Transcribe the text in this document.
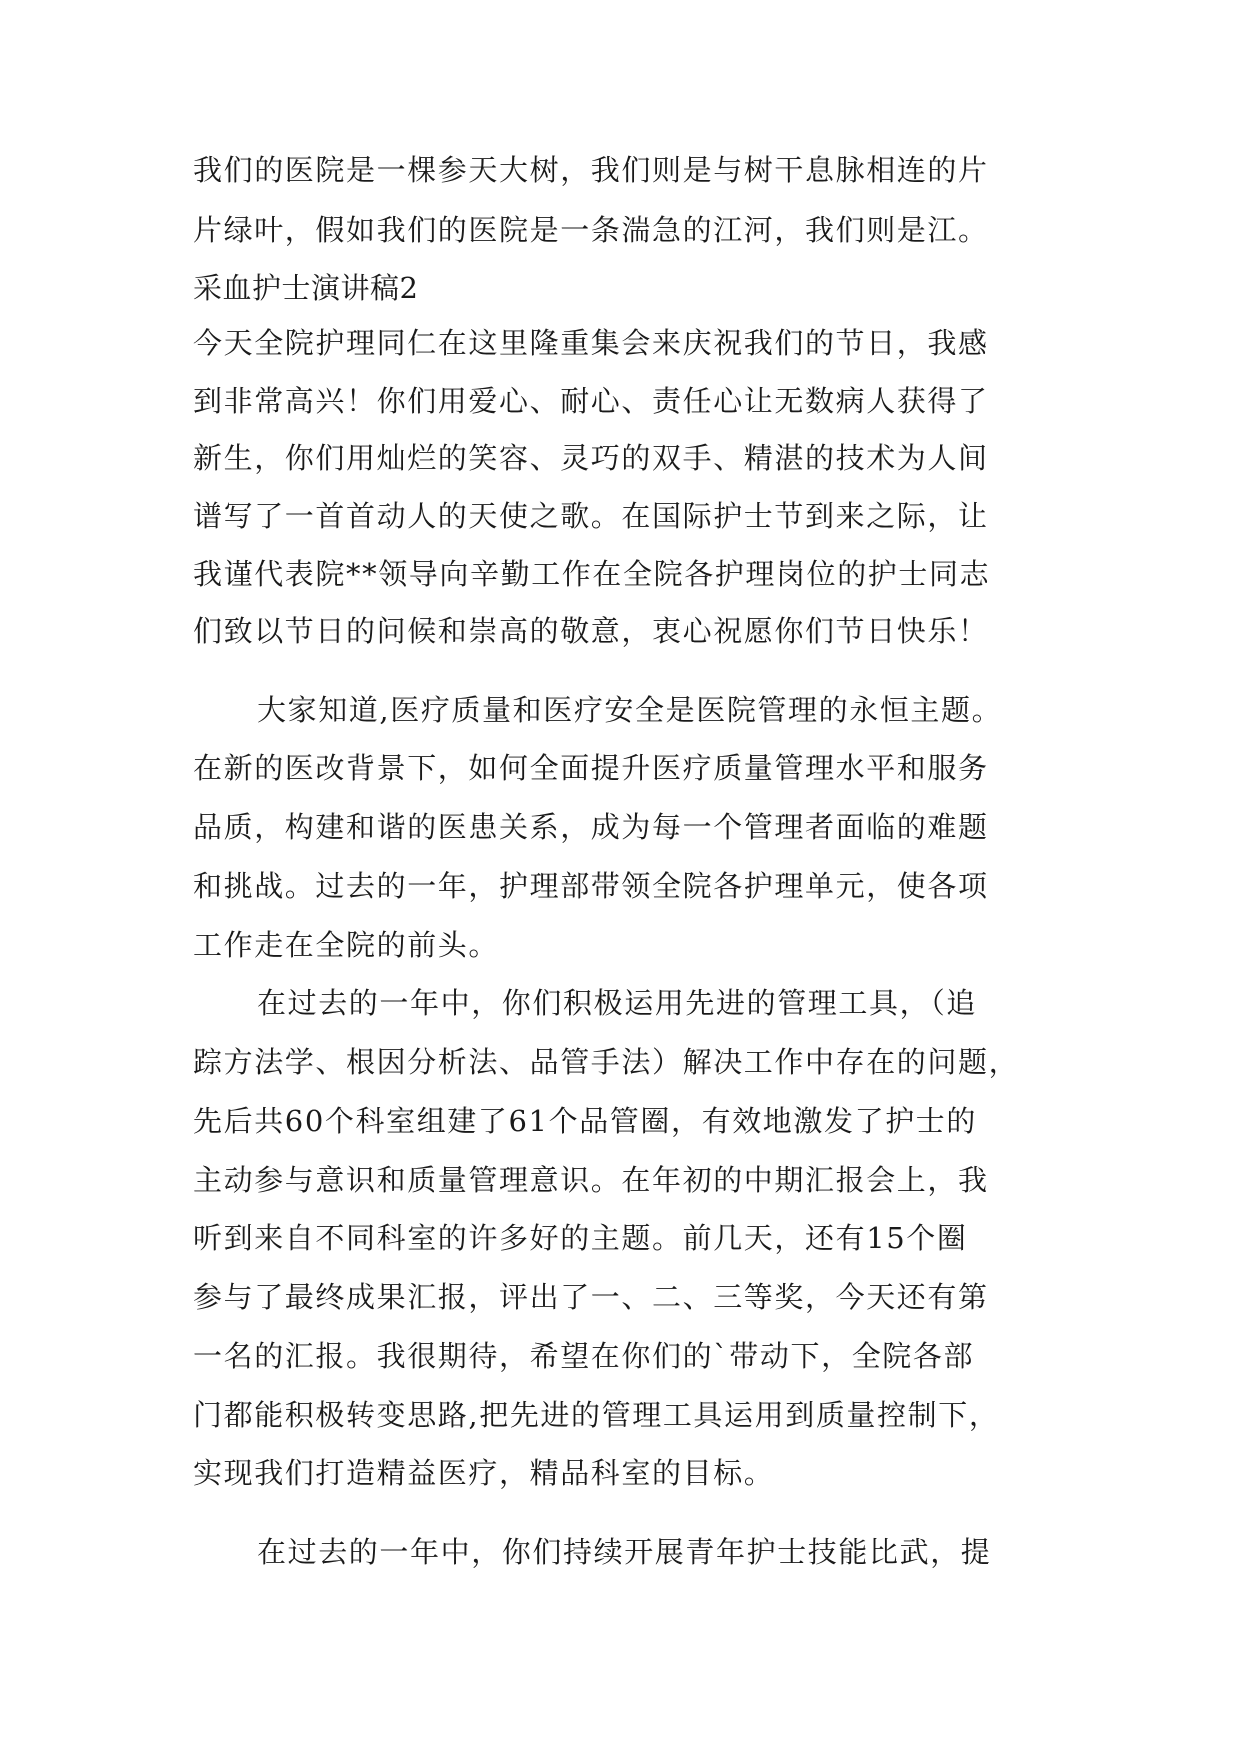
我们的医院是一棵参天大树，我们则是与树干息脉相连的片
片绿叶，假如我们的医院是一条湍急的江河，我们则是江。
采血护士演讲稿2
今天全院护理同仁在这里隆重集会来庆祝我们的节日，我感
到非常高兴！你们用爱心、耐心、责任心让无数病人获得了
新生，你们用灿烂的笑容、灵巧的双手、精湛的技术为人间
谱写了一首首动人的天使之歌。在国际护士节到来之际，让
我谨代表院**领导向辛勤工作在全院各护理岗位的护士同志
们致以节日的问候和崇高的敬意，衷心祝愿你们节日快乐！
大家知道,医疗质量和医疗安全是医院管理的永恒主题。
在新的医改背景下，如何全面提升医疗质量管理水平和服务
品质，构建和谐的医患关系，成为每一个管理者面临的难题
和挑战。过去的一年，护理部带领全院各护理单元，使各项
工作走在全院的前头。
在过去的一年中，你们积极运用先进的管理工具，（追
踪方法学、根因分析法、品管手法）解决工作中存在的问题，
先后共60个科室组建了61个品管圈，有效地激发了护士的
主动参与意识和质量管理意识。在年初的中期汇报会上，我
听到来自不同科室的许多好的主题。前几天，还有15个圈
参与了最终成果汇报，评出了一、二、三等奖，今天还有第
一名的汇报。我很期待，希望在你们的`带动下，全院各部
门都能积极转变思路,把先进的管理工具运用到质量控制下，
实现我们打造精益医疗，精品科室的目标。
在过去的一年中，你们持续开展青年护士技能比武，提
